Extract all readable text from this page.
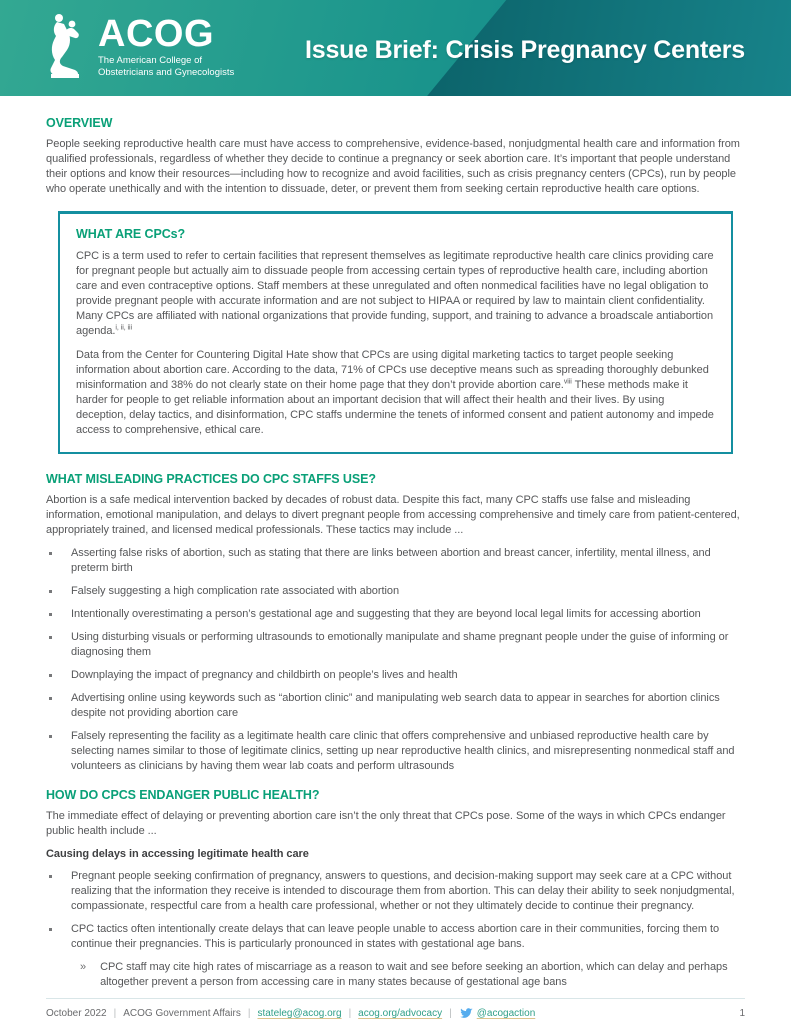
ACOG
The American College of
Obstetricians and Gynecologists
Issue Brief: Crisis Pregnancy Centers
OVERVIEW

People seeking reproductive health care must have access to comprehensive, evidence-based, nonjudgmental health care and information from qualified professionals, regardless of whether they decide to continue a pregnancy or seek abortion care. It’s important that people understand their options and know their resources—including how to recognize and avoid facilities, such as crisis pregnancy centers (CPCs), run by people who operate unethically and with the intention to dissuade, deter, or prevent them from seeking certain reproductive health care options.

WHAT ARE CPCs?

CPC is a term used to refer to certain facilities that represent themselves as legitimate reproductive health care clinics providing care for pregnant people but actually aim to dissuade people from accessing certain types of reproductive health care, including abortion care and even contraceptive options. Staff members at these unregulated and often nonmedical facilities have no legal obligation to provide pregnant people with accurate information and are not subject to HIPAA or required by law to maintain client confidentiality. Many CPCs are affiliated with national organizations that provide funding, support, and training to advance a broadscale antiabortion agenda.$^{i, ii, iii}$

Data from the Center for Countering Digital Hate show that CPCs are using digital marketing tactics to target people seeking information about abortion care. According to the data, 71% of CPCs use deceptive means such as spreading thoroughly debunked misinformation and 38% do not clearly state on their home page that they don’t provide abortion care.$^{viii}$ These methods make it harder for people to get reliable information about an important decision that will affect their health and their lives. By using deception, delay tactics, and disinformation, CPC staffs undermine the tenets of informed consent and patient autonomy and impede access to comprehensive, ethical care.

WHAT MISLEADING PRACTICES DO CPC STAFFS USE?

Abortion is a safe medical intervention backed by decades of robust data. Despite this fact, many CPC staffs use false and misleading information, emotional manipulation, and delays to divert pregnant people from accessing comprehensive and timely care from patient-centered, appropriately trained, and licensed medical professionals. These tactics may include ...

Asserting false risks of abortion, such as stating that there are links between abortion and breast cancer, infertility, mental illness, and preterm birth
Falsely suggesting a high complication rate associated with abortion
Intentionally overestimating a person’s gestational age and suggesting that they are beyond local legal limits for accessing abortion
Using disturbing visuals or performing ultrasounds to emotionally manipulate and shame pregnant people under the guise of informing or diagnosing them
Downplaying the impact of pregnancy and childbirth on people’s lives and health
Advertising online using keywords such as “abortion clinic” and manipulating web search data to appear in searches for abortion clinics despite not providing abortion care
Falsely representing the facility as a legitimate health care clinic that offers comprehensive and unbiased reproductive health care by selecting names similar to those of legitimate clinics, setting up near reproductive health clinics, and misrepresenting nonmedical staff and volunteers as clinicians by having them wear lab coats and perform ultrasounds
HOW DO CPCS ENDANGER PUBLIC HEALTH?

The immediate effect of delaying or preventing abortion care isn’t the only threat that CPCs pose. Some of the ways in which CPCs endanger public health include ...

Causing delays in accessing legitimate health care
Pregnant people seeking confirmation of pregnancy, answers to questions, and decision-making support may seek care at a CPC without realizing that the information they receive is intended to discourage them from abortion. This can delay their ability to seek nonjudgmental, compassionate, respectful care from a health care professional, whether or not they ultimately decide to continue their pregnancy.
CPC tactics often intentionally create delays that can leave people unable to access abortion care in their communities, forcing them to continue their pregnancies. This is particularly pronounced in states with gestational age bans.
» CPC staff may cite high rates of miscarriage as a reason to wait and see before seeking an abortion, which can delay and perhaps altogether prevent a person from accessing care in many states because of gestational age bans
October 2022 | ACOG Government Affairs | stateleg@acog.org | acog.org/advocacy |	@acogaction	1
